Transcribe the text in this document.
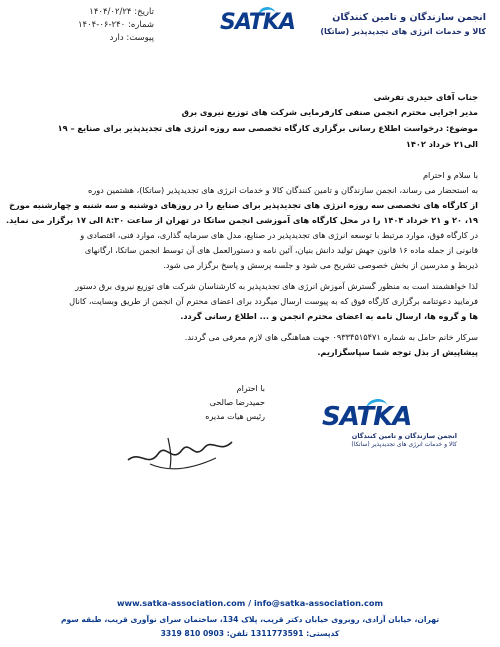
SATKA	انجمن سازندگان و تامین کنندگان
کالا و خدمات انرژی های تجدیدپذیر (ساتکا)
تاریخ: ۱۴۰۴/۰۲/۲۴
شماره: ۲۴۰-۰۶-۱۴۰۴
پیوست: دارد
جناب آقای حیدری تفرشی
مدیر اجرایی محترم انجمن صنفی کارفرمایی شرکت های توزیع نیروی برق
موضوع: درخواست اطلاع رسانی برگزاری کارگاه تخصصی سه روزه انرژی های تجدیدپذیر برای صنایع – ۱۹
الی۲۱ خرداد ۱۴۰۲
با سلام و احترام
به استحضار می رساند، انجمن سازندگان و تامین کنندگان کالا و خدمات انرژی های تجدید‌پذیر (ساتکا)، هشتمین دوره
از کارگاه های تخصصی سه روزه انرژی های تجدیدپذیر برای صنایع را در روزهای دوشنبه و سه شنبه و چهارشنبه مورخ
۱۹، ۲۰ و ۲۱ خرداد ۱۴۰۴ را در محل کارگاه های آموزشی انجمن ساتکا در تهران از ساعت ۸:۳۰ الی ۱۷ برگزار می نماید.
در کارگاه فوق، موارد مرتبط با توسعه انرژی های تجدیدپذیر در صنایع، مدل های سرمایه گذاری، موارد فنی، اقتصادی و
قانونی از جمله ماده ۱۶ قانون جهش تولید دانش بنیان، آئین نامه و دستورالعمل های آن توسط انجمن ساتکا، ارگانهای
ذیربط و مدرسین از بخش خصوصی تشریح می شود و جلسه پرسش و پاسخ برگزار می شود.
لذا خواهشمند است به منظور گسترش آموزش انرژی های تجدیدپذیر به کارشناسان شرکت های توزیع نیروی برق دستور
فرمایید دعوتنامه برگزاری کارگاه فوق که به پیوست ارسال میگردد برای اعضای محترم آن انجمن از طریق وبسایت، کانال
ها و گروه ها، ارسال نامه به اعضای محترم انجمن و ... اطلاع رسانی گردد.
سرکار خانم حامل به شماره ۰۹۳۳۴۵۱۵۴۷۱ جهت هماهنگی های لازم معرفی می گردند.
پیشاپیش از بذل توجه شما سپاسگزاریم.
با احترام
حمیدرضا صالحی
رئیس هیات مدیره SATKA
انجمن سازندگان و تامین کنندگان
کالا و خدمات انرژی های تجدیدپذیر (ساتکا)
www.satka-association.com / info@satka-association.com
تهران، خیابان آزادی، روبروی خیابان دکتر قریب، پلاک 134، ساختمان سرای نوآوری قریب، طبقه سوم
کدپستی: 1311773591 تلفن: 0903 810 3319
